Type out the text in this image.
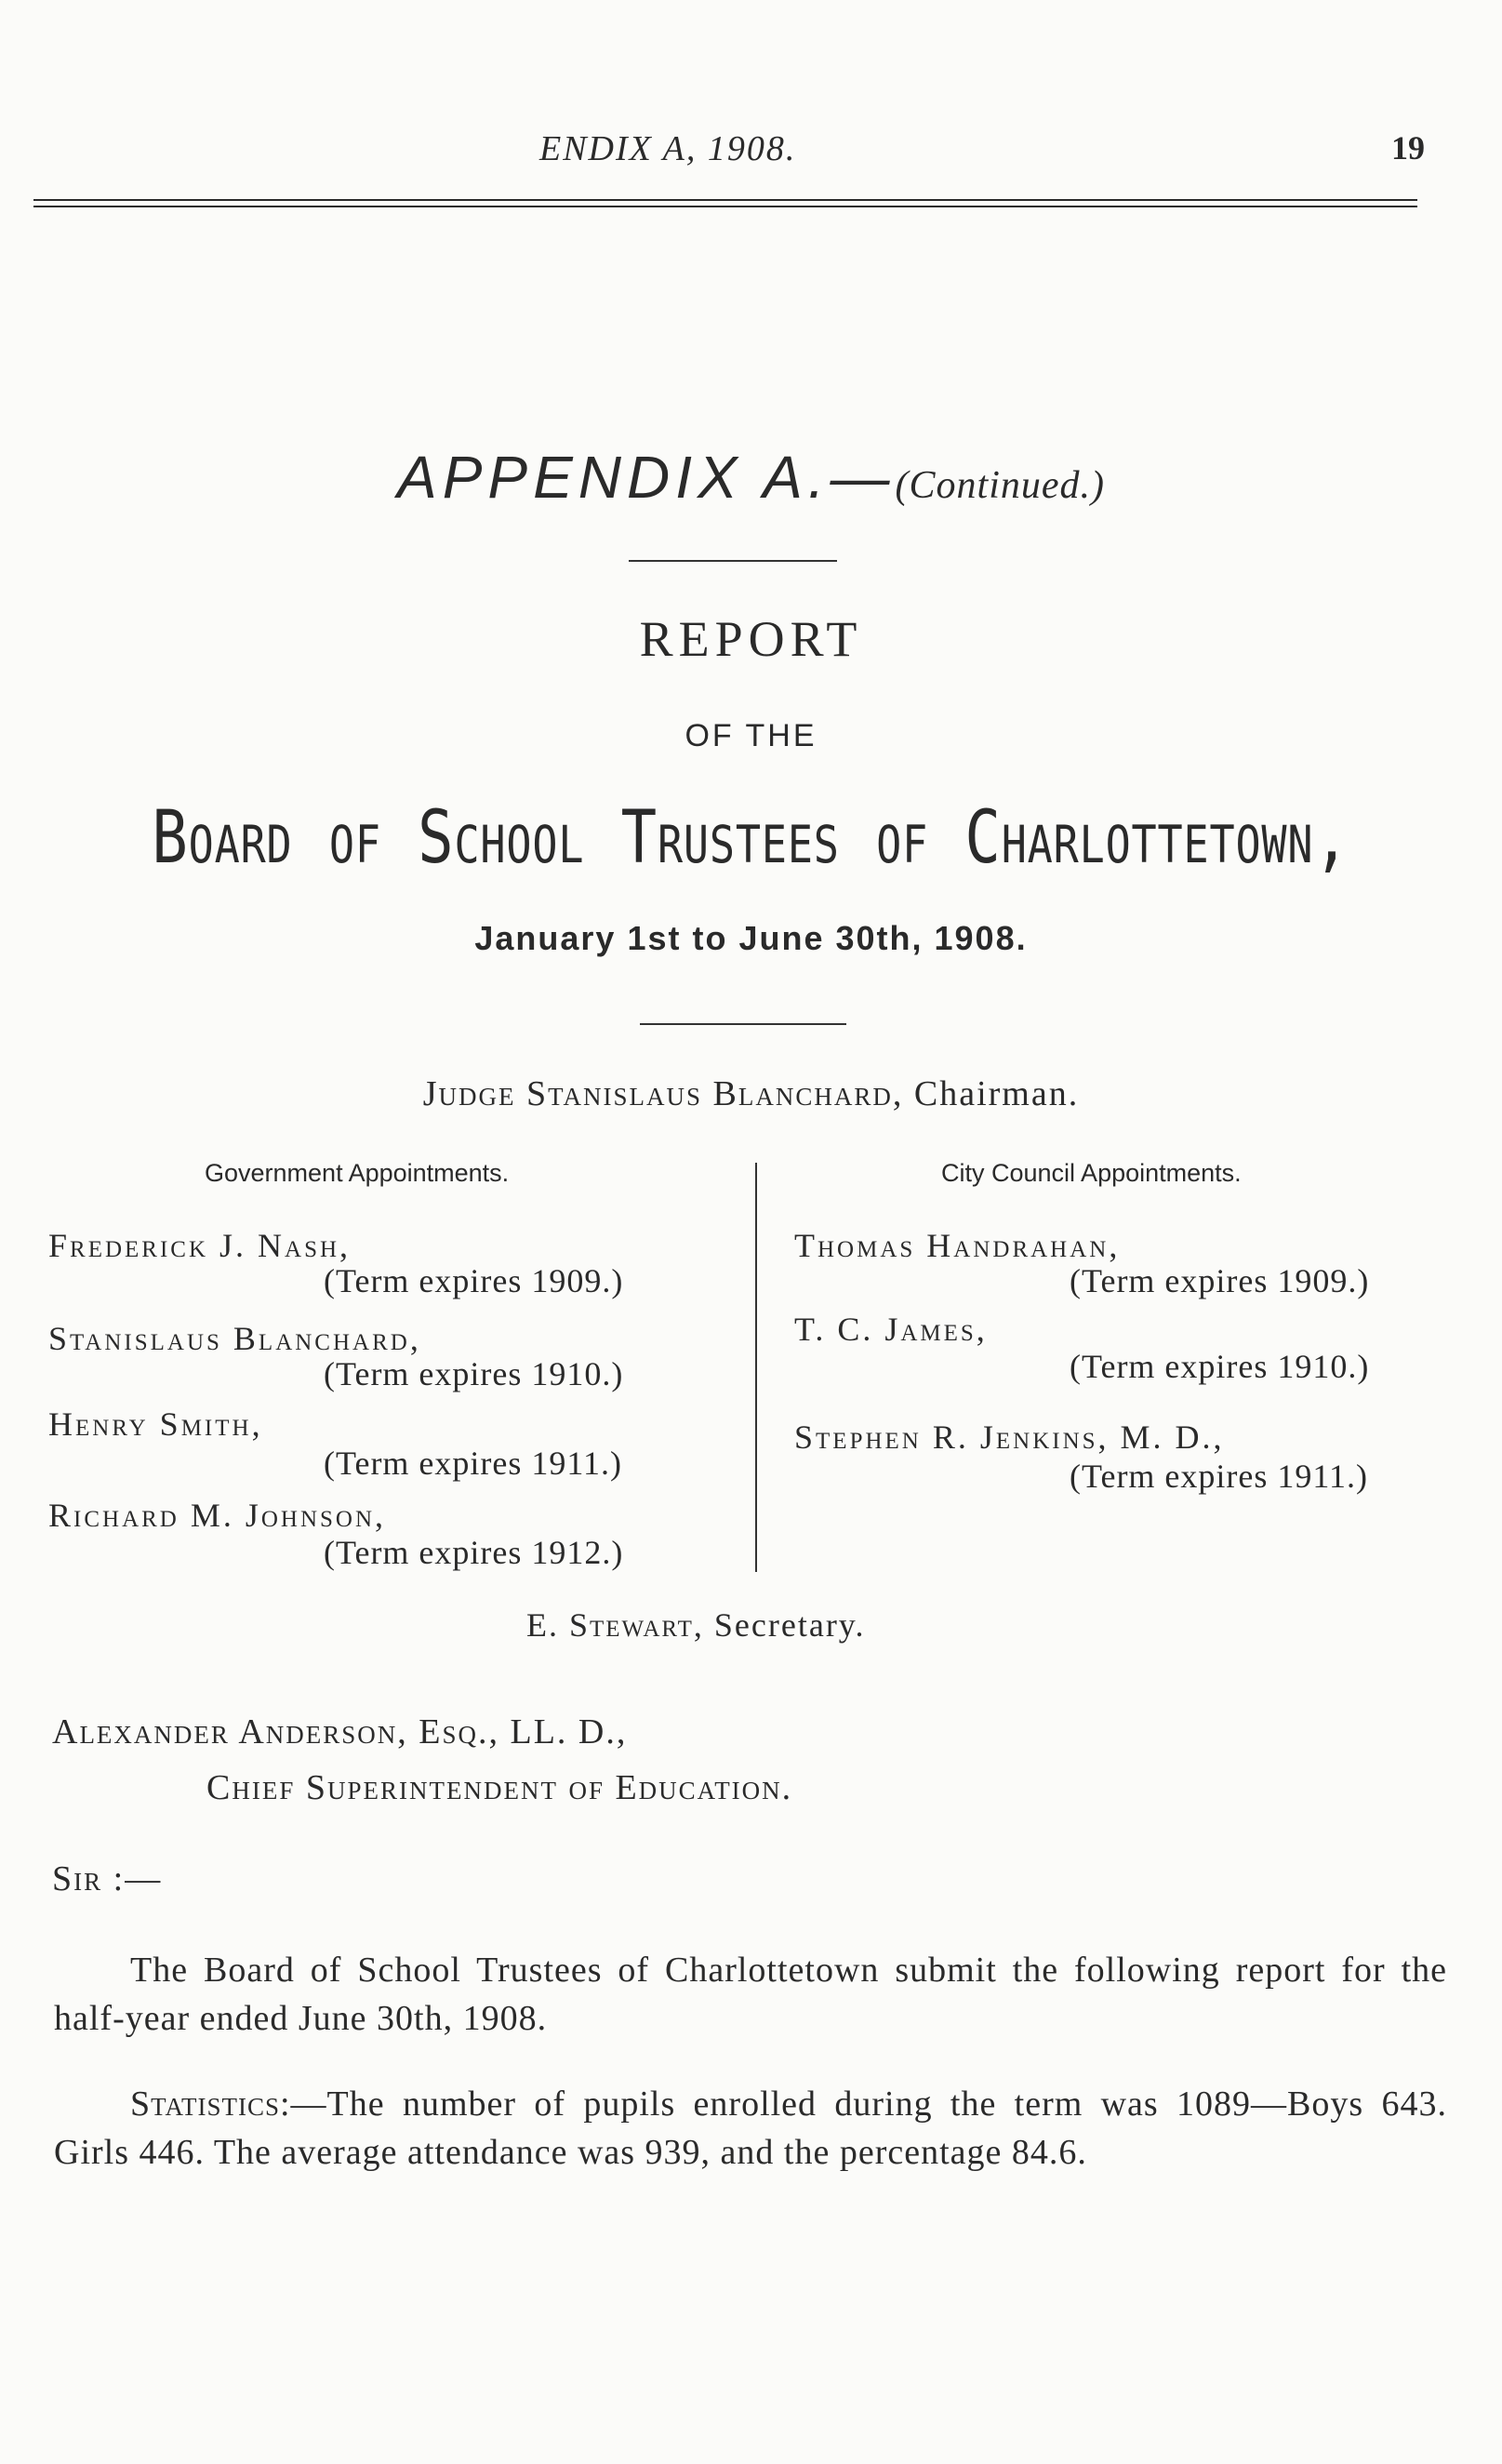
ENDIX A, 1908.	19
APPENDIX A.—(Continued.)
REPORT
OF THE
Board of School Trustees of Charlottetown,
January 1st to June 30th, 1908.
Judge Stanislaus Blanchard, Chairman.
Government Appointments.	City Council Appointments.
Frederick J. Nash,
(Term expires 1909.)
Stanislaus Blanchard,
(Term expires 1910.)
Henry Smith,
(Term expires 1911.)
Richard M. Johnson,
(Term expires 1912.)
Thomas Handrahan,
(Term expires 1909.)
T. C. James,
(Term expires 1910.)
Stephen R. Jenkins, M. D.,
(Term expires 1911.)
E. Stewart, Secretary.
Alexander Anderson, Esq., LL. D.,
Chief Superintendent of Education.
Sir :—
The Board of School Trustees of Charlottetown submit the following report for the half-year ended June 30th, 1908.
Statistics:—The number of pupils enrolled during the term was 1089—Boys 643. Girls 446. The average attendance was 939, and the percentage 84.6.
